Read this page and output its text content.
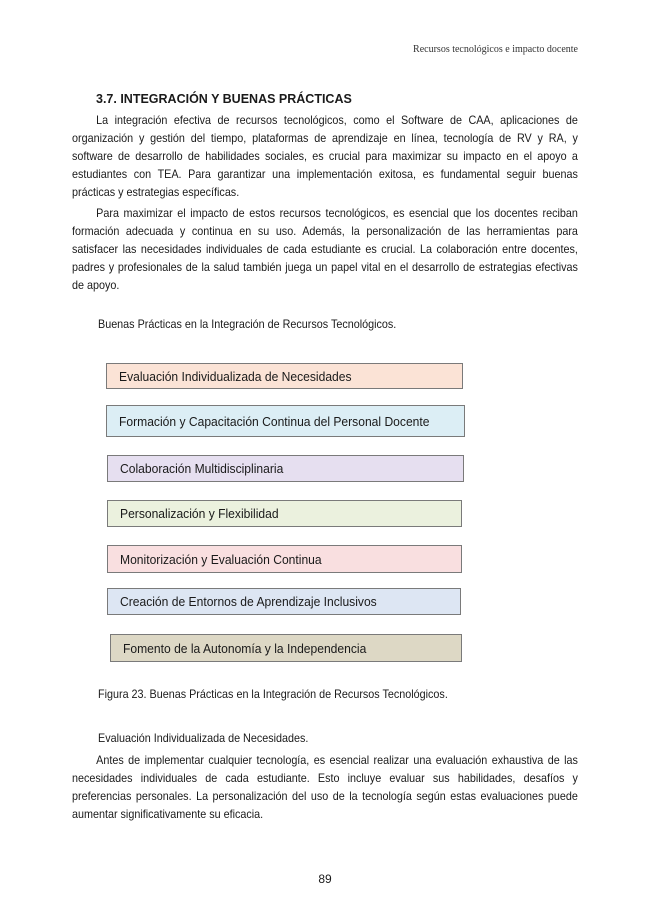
Recursos tecnológicos e impacto docente
3.7. INTEGRACIÓN Y BUENAS PRÁCTICAS

La integración efectiva de recursos tecnológicos, como el Software de CAA, aplicaciones de organización y gestión del tiempo, plataformas de aprendizaje en línea, tecnología de RV y RA, y software de desarrollo de habilidades sociales, es crucial para maximizar su impacto en el apoyo a estudiantes con TEA. Para garantizar una implementación exitosa, es fundamental seguir buenas prácticas y estrategias específicas.

Para maximizar el impacto de estos recursos tecnológicos, es esencial que los docentes reciban formación adecuada y continua en su uso. Además, la personalización de las herramientas para satisfacer las necesidades individuales de cada estudiante es crucial. La colaboración entre docentes, padres y profesionales de la salud también juega un papel vital en el desarrollo de estrategias efectivas de apoyo.

Buenas Prácticas en la Integración de Recursos Tecnológicos.

Evaluación Individualizada de Necesidades
Formación y Capacitación Continua del Personal Docente
Colaboración Multidisciplinaria
Personalización y Flexibilidad
Monitorización y Evaluación Continua
Creación de Entornos de Aprendizaje Inclusivos
Fomento de la Autonomía y la Independencia

Figura 23. Buenas Prácticas en la Integración de Recursos Tecnológicos.

Evaluación Individualizada de Necesidades.

Antes de implementar cualquier tecnología, es esencial realizar una evaluación exhaustiva de las necesidades individuales de cada estudiante. Esto incluye evaluar sus habilidades, desafíos y preferencias personales. La personalización del uso de la tecnología según estas evaluaciones puede aumentar significativamente su eficacia.

89
